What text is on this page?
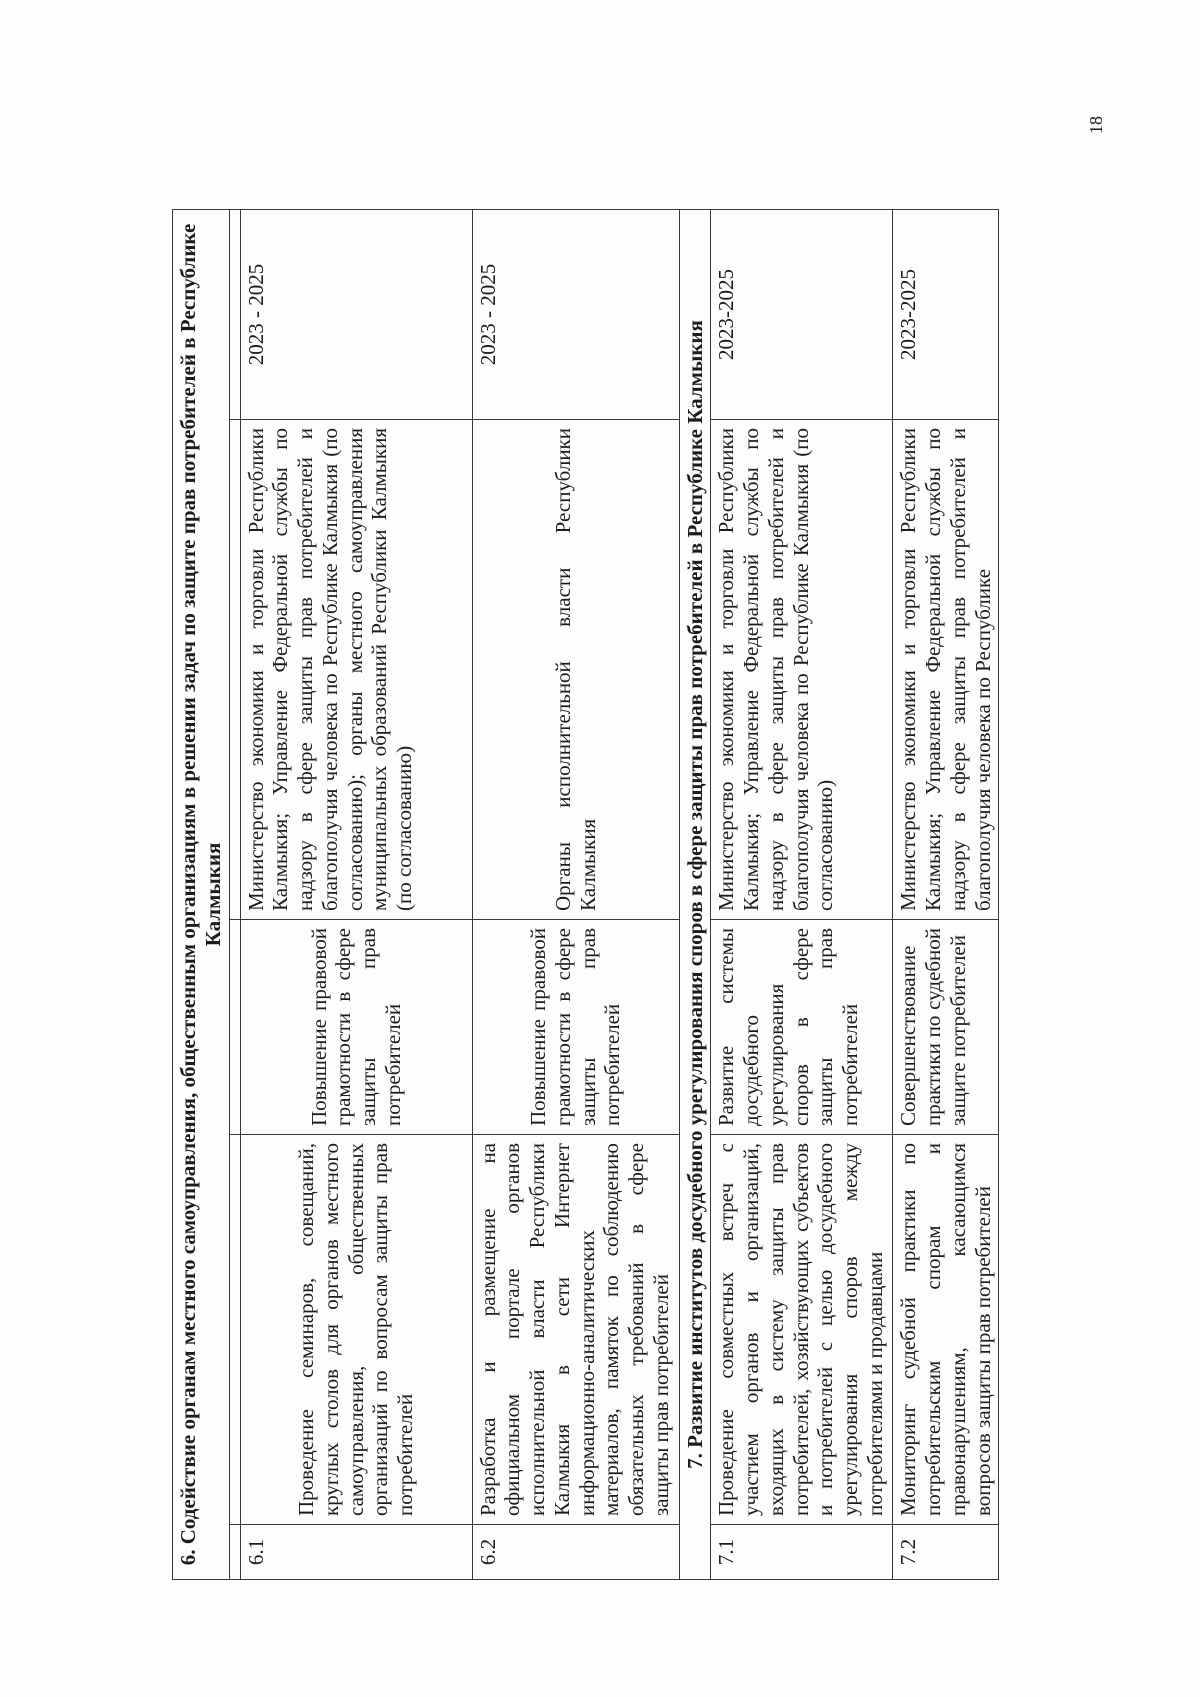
18
6. Содействие органам местного самоуправления, общественным организациям в решении задач по защите прав потребителей в Республике Калмыкия				

6.1	Проведение семинаров, совещаний, круглых столов для органов местного самоуправления, общественных организаций по вопросам защиты прав потребителей	Повышение правовой грамотности в сфере защиты прав потребителей	Министерство экономики и торговли Республики Калмыкия; Управление Федеральной службы по надзору в сфере защиты прав потребителей и благополучия человека по Республике Калмыкия (по согласованию); органы местного самоуправления муниципальных образований Республики Калмыкия (по согласованию)	2023 - 2025
6.2	Разработка и размещение на официальном портале органов исполнительной власти Республики Калмыкия в сети Интернет информационно-аналитических материалов, памяток по соблюдению обязательных требований в сфере защиты прав потребителей	Повышение правовой грамотности в сфере защиты прав потребителей	Органы исполнительной власти Республики Калмыкия	2023 - 2025
7. Развитие институтов досудебного урегулирования споров в сфере защиты прав потребителей в Республике Калмыкия				
7.1	Проведение совместных встреч с участием органов и организаций, входящих в систему защиты прав потребителей, хозяйствующих субъектов и потребителей с целью досудебного урегулирования споров между потребителями и продавцами	Развитие системы досудебного урегулирования споров в сфере защиты прав потребителей	Министерство экономики и торговли Республики Калмыкия; Управление Федеральной службы по надзору в сфере защиты прав потребителей и благополучия человека по Республике Калмыкия (по согласованию)	2023-2025
7.2	Мониторинг судебной практики по потребительским спорам и правонарушениям, касающимся вопросов защиты прав потребителей	Совершенствование практики по судебной защите потребителей	Министерство экономики и торговли Республики Калмыкия; Управление Федеральной службы по надзору в сфере защиты прав потребителей и благополучия человека по Республике	2023-2025
